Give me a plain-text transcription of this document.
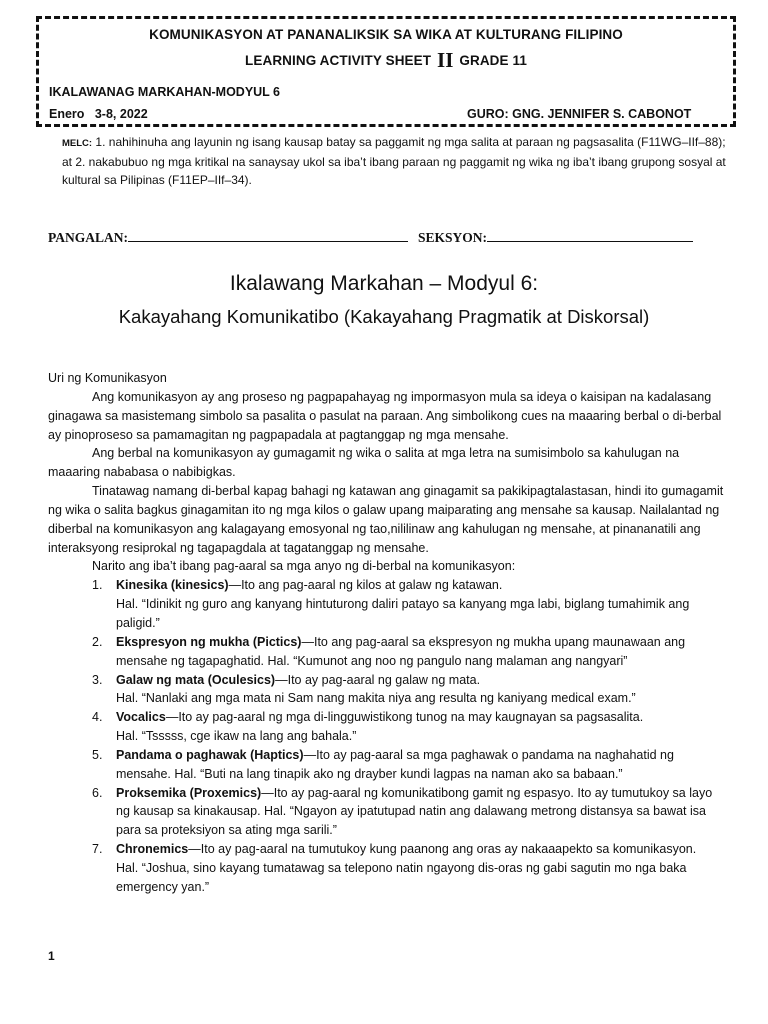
KOMUNIKASYON AT PANANALIKSIK SA WIKA AT KULTURANG FILIPINO
LEARNING ACTIVITY SHEET II GRADE 11
IKALAWANAG MARKAHAN-MODYUL 6
Enero 3-8, 2022	GURO: GNG. JENNIFER S. CABONOT
MELC: 1. nahihinuha ang layunin ng isang kausap batay sa paggamit ng mga salita at paraan ng pagsasalita (F11WG–IIf–88); at 2. nakabubuo ng mga kritikal na sanaysay ukol sa iba’t ibang paraan ng paggamit ng wika ng iba’t ibang grupong sosyal at kultural sa Pilipinas (F11EP–IIf–34).
PANGALAN:	SEKSYON:
Ikalawang Markahan – Modyul 6:
Kakayahang Komunikatibo (Kakayahang Pragmatik at Diskorsal)

Uri ng Komunikasyon

Ang komunikasyon ay ang proseso ng pagpapahayag ng impormasyon mula sa ideya o kaisipan na kadalasang ginagawa sa masistemang simbolo sa pasalita o pasulat na paraan. Ang simbolikong cues na maaaring berbal o di-berbal ay pinoproseso sa pamamagitan ng pagpapadala at pagtanggap ng mga mensahe.

Ang berbal na komunikasyon ay gumagamit ng wika o salita at mga letra na sumisimbolo sa kahulugan na maaaring nababasa o nabibigkas.

Tinatawag namang di-berbal kapag bahagi ng katawan ang ginagamit sa pakikipagtalastasan, hindi ito gumagamit ng wika o salita bagkus ginagamitan ito ng mga kilos o galaw upang maiparating ang mensahe sa kausap. Nailalantad ng diberbal na komunikasyon ang kalagayang emosyonal ng tao,nililinaw ang kahulugan ng mensahe, at pinananatili ang interaksyong resiprokal ng tagapagdala at tagatanggap ng mensahe.

Narito ang iba’t ibang pag-aaral sa mga anyo ng di-berbal na komunikasyon:

1. Kinesika (kinesics)—Ito ang pag-aaral ng kilos at galaw ng katawan.
Hal. “Idinikit ng guro ang kanyang hintuturong daliri patayo sa kanyang mga labi, biglang tumahimik ang paligid.”
2. Ekspresyon ng mukha (Pictics)—Ito ang pag-aaral sa ekspresyon ng mukha upang maunawaan ang mensahe ng tagapaghatid. Hal. “Kumunot ang noo ng pangulo nang malaman ang nangyari”
3. Galaw ng mata (Oculesics)—Ito ay pag-aaral ng galaw ng mata.
Hal. “Nanlaki ang mga mata ni Sam nang makita niya ang resulta ng kaniyang medical exam.”
4. Vocalics—Ito ay pag-aaral ng mga di-lingguwistikong tunog na may kaugnayan sa pagsasalita.
Hal. “Tsssss, cge ikaw na lang ang bahala.”
5. Pandama o paghawak (Haptics)—Ito ay pag-aaral sa mga paghawak o pandama na naghahatid ng mensahe. Hal. “Buti na lang tinapik ako ng drayber kundi lagpas na naman ako sa babaan.”
6. Proksemika (Proxemics)—Ito ay pag-aaral ng komunikatibong gamit ng espasyo. Ito ay tumutukoy sa layo ng kausap sa kinakausap. Hal. “Ngayon ay ipatutupad natin ang dalawang metrong distansya sa bawat isa para sa proteksiyon sa ating mga sarili.”
7. Chronemics—Ito ay pag-aaral na tumutukoy kung paanong ang oras ay nakaaapekto sa komunikasyon.
Hal. “Joshua, sino kayang tumatawag sa telepono natin ngayong dis-oras ng gabi sagutin mo nga baka emergency yan.”
1
